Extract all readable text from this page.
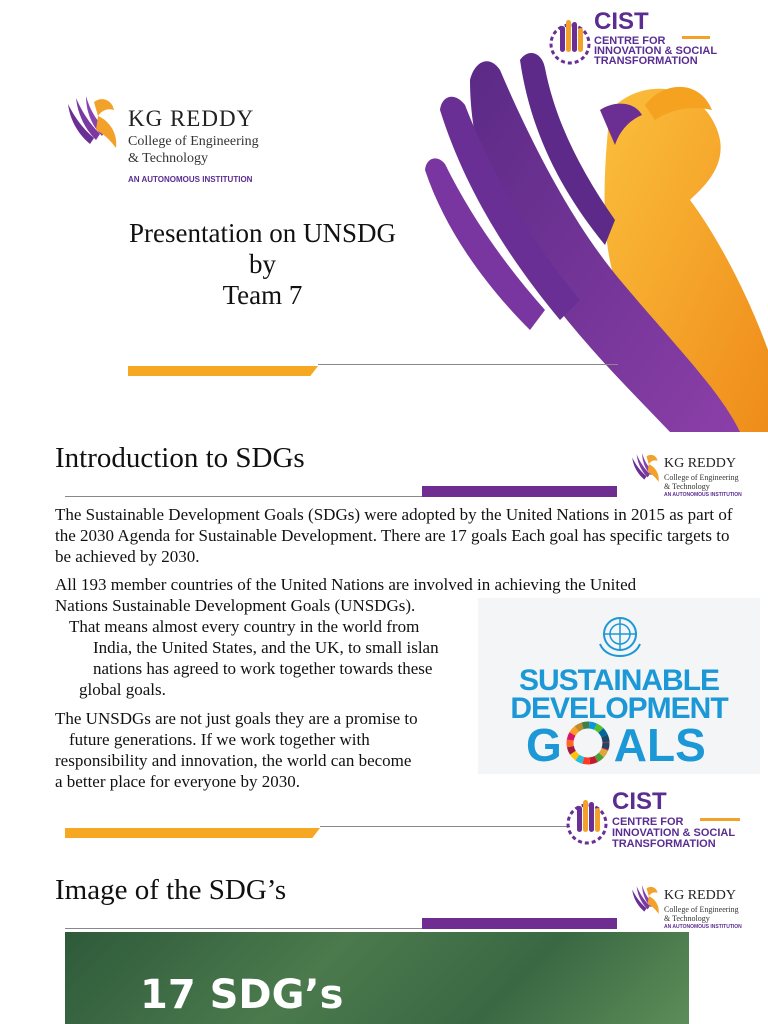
KG REDDY
College of Engineering
& Technology
AN AUTONOMOUS INSTITUTION
CIST
CENTRE FOR
INNOVATION & SOCIAL
TRANSFORMATION
Presentation on UNSDG
by
Team 7
Introduction to SDGs	KG REDDY
College of Engineering
& Technology
AN AUTONOMOUS INSTITUTION
The Sustainable Development Goals (SDGs) were adopted by the United Nations in 2015 as part of the 2030 Agenda for Sustainable Development. There are 17 goals Each goal has specific targets to be achieved by 2030.
All 193 member countries of the United Nations are involved in achieving the United
Nations Sustainable Development Goals (UNSDGs).
That means almost every country in the world from
India, the United States, and the UK, to small islan
nations has agreed to work together towards these
global goals.
The UNSDGs are not just goals they are a promise to
future generations. If we work together with
responsibility and innovation, the world can become
a better place for everyone by 2030.
SUSTAINABLE
DEVELOPMENT
G ALS
CIST
CENTRE FOR
INNOVATION & SOCIAL
TRANSFORMATION
Image of the SDG’s	KG REDDY
College of Engineering
& Technology
AN AUTONOMOUS INSTITUTION
17 SDG’s
